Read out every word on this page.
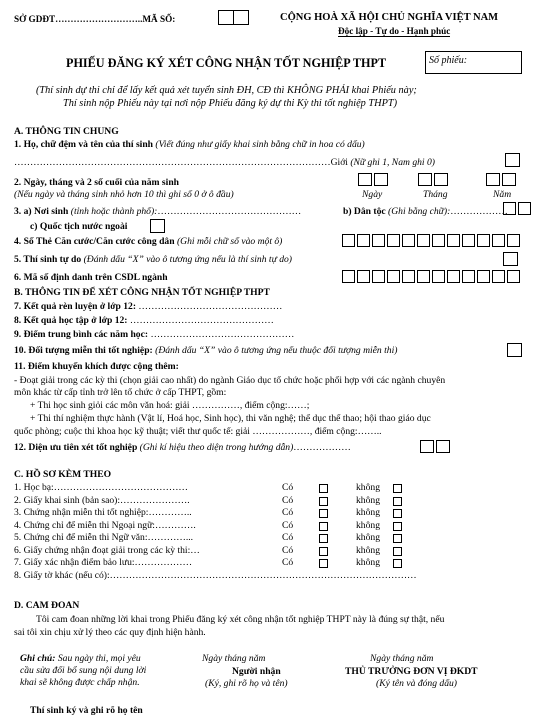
SỞ GDĐT………………………..MÃ SỐ:	CỘNG HOÀ XÃ HỘI CHỦ NGHĨA VIỆT NAM
Độc lập - Tự do - Hạnh phúc
PHIẾU ĐĂNG KÝ XÉT CÔNG NHẬN TỐT NGHIỆP THPT	Số phiếu:
(Thí sinh dự thi chỉ để lấy kết quả xét tuyển sinh ĐH, CĐ thì KHÔNG PHẢI khai Phiếu này;
Thí sinh nộp Phiếu này tại nơi nộp Phiếu đăng ký dự thi Kỳ thi tốt nghiệp THPT)
A. THÔNG TIN CHUNG
1. Họ, chữ đệm và tên của thí sinh (Viết đúng như giấy khai sinh bằng chữ in hoa có dấu)
………………………………………………………………………………………Giới (Nữ ghi 1, Nam ghi 0)
2. Ngày, tháng và 2 số cuối của năm sinh
(Nếu ngày và tháng sinh nhỏ hơn 10 thì ghi số 0 ở ô đầu)	Ngày	Tháng	Năm
3. a) Nơi sinh (tỉnh hoặc thành phố):………………………………………	b) Dân tộc (Ghi bằng chữ):………………
c) Quốc tịch nước ngoài
4. Số Thẻ Căn cước/Căn cước công dân (Ghi mỗi chữ số vào một ô)
5. Thí sinh tự do (Đánh dấu “X” vào ô tương ứng nếu là thí sinh tự do)
6. Mã số định danh trên CSDL ngành
B. THÔNG TIN ĐỂ XÉT CÔNG NHẬN TỐT NGHIỆP THPT
7. Kết quả rèn luyện ở lớp 12: ………………………………………
8. Kết quả học tập ở lớp 12: ………………………………………
9. Điểm trung bình các năm học: ………………………………………
10. Đối tượng miễn thi tốt nghiệp: (Đánh dấu “X” vào ô tương ứng nếu thuộc đối tượng miễn thi)
11. Điểm khuyến khích được cộng thêm:
- Đoạt giải trong các kỳ thi (chọn giải cao nhất) do ngành Giáo dục tổ chức hoặc phối hợp với các ngành chuyên
môn khác từ cấp tỉnh trở lên tổ chức ở cấp THPT, gồm:
+ Thi học sinh giỏi các môn văn hoá: giải ……………, điểm cộng:……;
+ Thi thí nghiệm thực hành (Vật lí, Hoá học, Sinh học), thi văn nghệ; thể dục thể thao; hội thao giáo dục
quốc phòng; cuộc thi khoa học kỹ thuật; viết thư quốc tế: giải ………………, điểm cộng:……..
12. Diện ưu tiên xét tốt nghiệp (Ghi kí hiệu theo diện trong hướng dẫn)………………
C. HỒ SƠ KÈM THEO
1. Học bạ:……………………………………	Có	không
2. Giấy khai sinh (bản sao):………………….	Có	không
3. Chứng nhận miễn thi tốt nghiệp:…………..	Có	không
4. Chứng chỉ để miễn thi Ngoại ngữ:………….	Có	không
5. Chứng chỉ để miễn thi Ngữ văn:…………...	Có	không
6. Giấy chứng nhận đoạt giải trong các kỳ thi:…	Có	không
7. Giấy xác nhận điểm bảo lưu:………………	Có	không
8. Giấy tờ khác (nếu có):……………………………………………………………………………………
D. CAM ĐOAN
Tôi cam đoan những lời khai trong Phiếu đăng ký xét công nhận tốt nghiệp THPT này là đúng sự thật, nếu
sai tôi xin chịu xử lý theo các quy định hiện hành.
Ghi chú: Sau ngày thi, mọi yêu
cầu sửa đổi bổ sung nội dung lời
khai sẽ không được chấp nhận.
Thí sinh ký và ghi rõ họ tên
Ngày tháng năm
Người nhận
(Ký, ghi rõ họ và tên)
Ngày tháng năm
THỦ TRƯỞNG ĐƠN VỊ ĐKDT
(Ký tên và đóng dấu)
